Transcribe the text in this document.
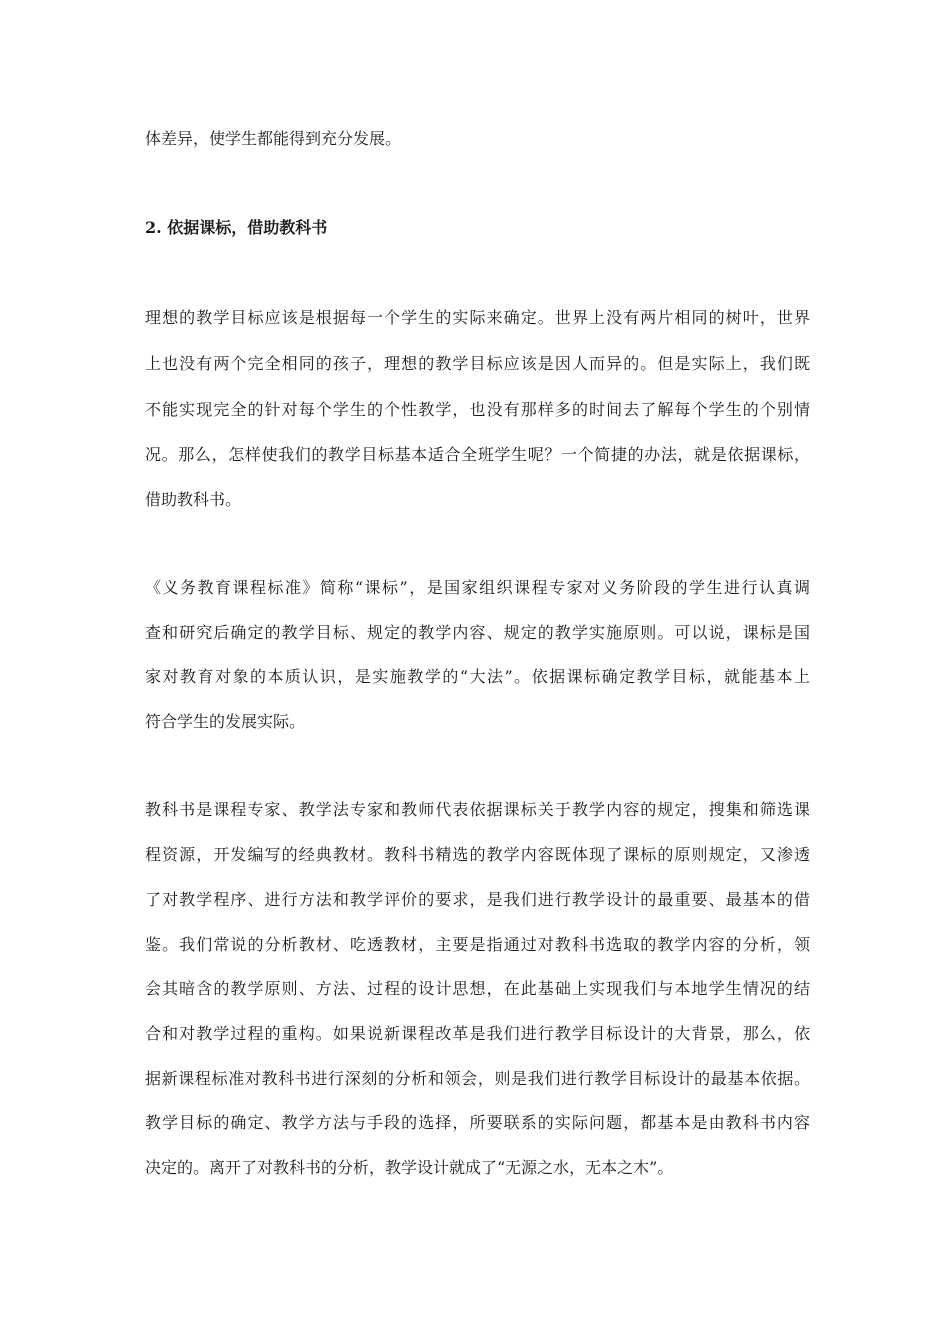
体差异，使学生都能得到充分发展。
2. 依据课标，借助教科书
理想的教学目标应该是根据每一个学生的实际来确定。世界上没有两片相同的树叶，世界
上也没有两个完全相同的孩子，理想的教学目标应该是因人而异的。但是实际上，我们既
不能实现完全的针对每个学生的个性教学，也没有那样多的时间去了解每个学生的个别情
况。那么，怎样使我们的教学目标基本适合全班学生呢？一个简捷的办法，就是依据课标，
借助教科书。
《义务教育课程标准》简称“课标”，是国家组织课程专家对义务阶段的学生进行认真调
查和研究后确定的教学目标、规定的教学内容、规定的教学实施原则。可以说，课标是国
家对教育对象的本质认识，是实施教学的“大法”。依据课标确定教学目标，就能基本上
符合学生的发展实际。
教科书是课程专家、教学法专家和教师代表依据课标关于教学内容的规定，搜集和筛选课
程资源，开发编写的经典教材。教科书精选的教学内容既体现了课标的原则规定，又渗透
了对教学程序、进行方法和教学评价的要求，是我们进行教学设计的最重要、最基本的借
鉴。我们常说的分析教材、吃透教材，主要是指通过对教科书选取的教学内容的分析，领
会其暗含的教学原则、方法、过程的设计思想，在此基础上实现我们与本地学生情况的结
合和对教学过程的重构。如果说新课程改革是我们进行教学目标设计的大背景，那么，依
据新课程标准对教科书进行深刻的分析和领会，则是我们进行教学目标设计的最基本依据。
教学目标的确定、教学方法与手段的选择，所要联系的实际问题，都基本是由教科书内容
决定的。离开了对教科书的分析，教学设计就成了“无源之水，无本之木”。
